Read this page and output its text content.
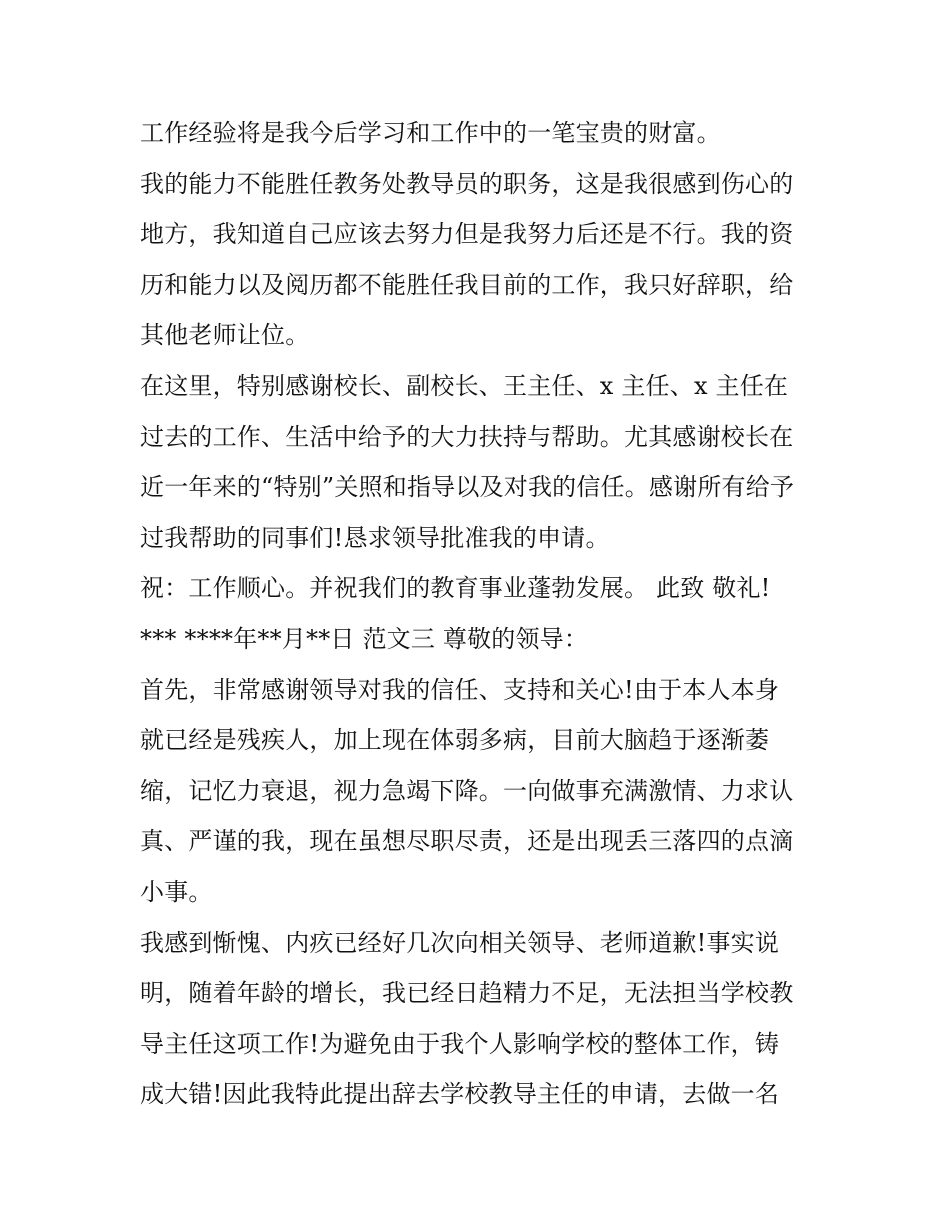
工作经验将是我今后学习和工作中的一笔宝贵的财富。
我的能力不能胜任教务处教导员的职务，这是我很感到伤心的
地方，我知道自己应该去努力但是我努力后还是不行。我的资
历和能力以及阅历都不能胜任我目前的工作，我只好辞职，给
其他老师让位。
在这里，特别感谢校长、副校长、王主任、x 主任、x 主任在
过去的工作、生活中给予的大力扶持与帮助。尤其感谢校长在
近一年来的“特别”关照和指导以及对我的信任。感谢所有给予
过我帮助的同事们!恳求领导批准我的申请。
祝：工作顺心。并祝我们的教育事业蓬勃发展。 此致 敬礼!
*** ****年**月**日 范文三 尊敬的领导：
首先，非常感谢领导对我的信任、支持和关心!由于本人本身
就已经是残疾人，加上现在体弱多病，目前大脑趋于逐渐萎
缩，记忆力衰退，视力急竭下降。一向做事充满激情、力求认
真、严谨的我，现在虽想尽职尽责，还是出现丢三落四的点滴
小事。
我感到惭愧、内疚已经好几次向相关领导、老师道歉!事实说
明，随着年龄的增长，我已经日趋精力不足，无法担当学校教
导主任这项工作!为避免由于我个人影响学校的整体工作，铸
成大错!因此我特此提出辞去学校教导主任的申请，去做一名
